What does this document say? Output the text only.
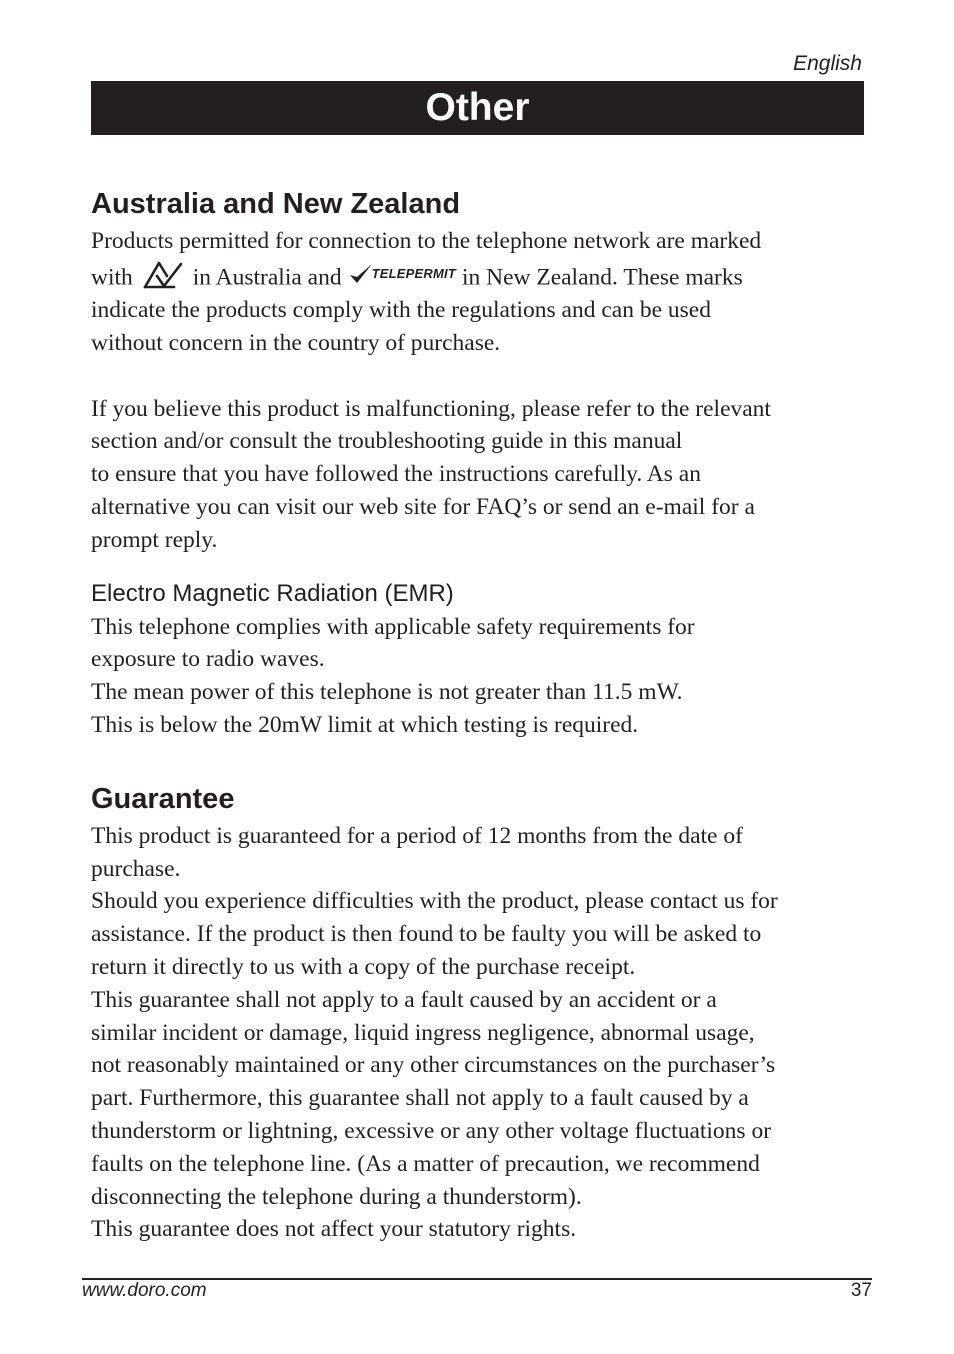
English
Other
Australia and New Zealand

Products permitted for connection to the telephone network are marked
with	in Australia and TELEPERMIT in New Zealand. These marks
indicate the products comply with the regulations and can be used
without concern in the country of purchase.

If you believe this product is malfunctioning, please refer to the relevant
section and/or consult the troubleshooting guide in this manual
to ensure that you have followed the instructions carefully. As an
alternative you can visit our web site for FAQ’s or send an e-mail for a
prompt reply.

Electro Magnetic Radiation (EMR)

This telephone complies with applicable safety requirements for
exposure to radio waves.
The mean power of this telephone is not greater than 11.5 mW.
This is below the 20mW limit at which testing is required.

Guarantee

This product is guaranteed for a period of 12 months from the date of
purchase.
Should you experience difficulties with the product, please contact us for
assistance. If the product is then found to be faulty you will be asked to
return it directly to us with a copy of the purchase receipt.
This guarantee shall not apply to a fault caused by an accident or a
similar incident or damage, liquid ingress negligence, abnormal usage,
not reasonably maintained or any other circumstances on the purchaser’s
part. Furthermore, this guarantee shall not apply to a fault caused by a
thunderstorm or lightning, excessive or any other voltage fluctuations or
faults on the telephone line. (As a matter of precaution, we recommend
disconnecting the telephone during a thunderstorm).
This guarantee does not affect your statutory rights.

www.doro.com	37
